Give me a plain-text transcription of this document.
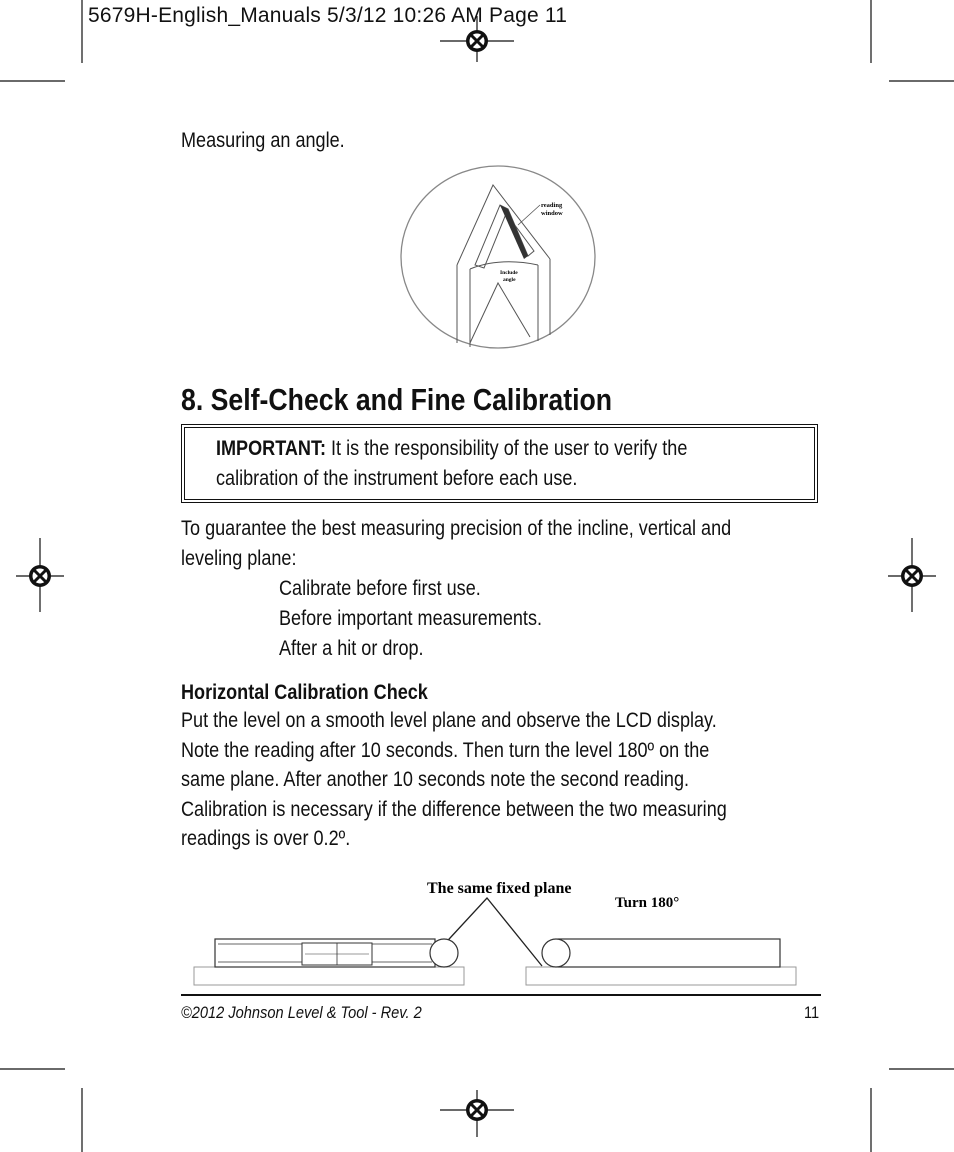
5679H-English_Manuals 5/3/12 10:26 AM Page 11
Measuring an angle.
reading
window
Include
angle
8. Self-Check and Fine Calibration
IMPORTANT: It is the responsibility of the user to verify the
calibration of the instrument before each use.
To guarantee the best measuring precision of the incline, vertical and
leveling plane:
Calibrate before first use.
Before important measurements.
After a hit or drop.
Horizontal Calibration Check
Put the level on a smooth level plane and observe the LCD display.
Note the reading after 10 seconds. Then turn the level 180º on the
same plane. After another 10 seconds note the second reading.
Calibration is necessary if the difference between the two measuring
readings is over 0.2º.
The same fixed plane
Turn 180°
©2012 Johnson Level & Tool - Rev. 2	11
